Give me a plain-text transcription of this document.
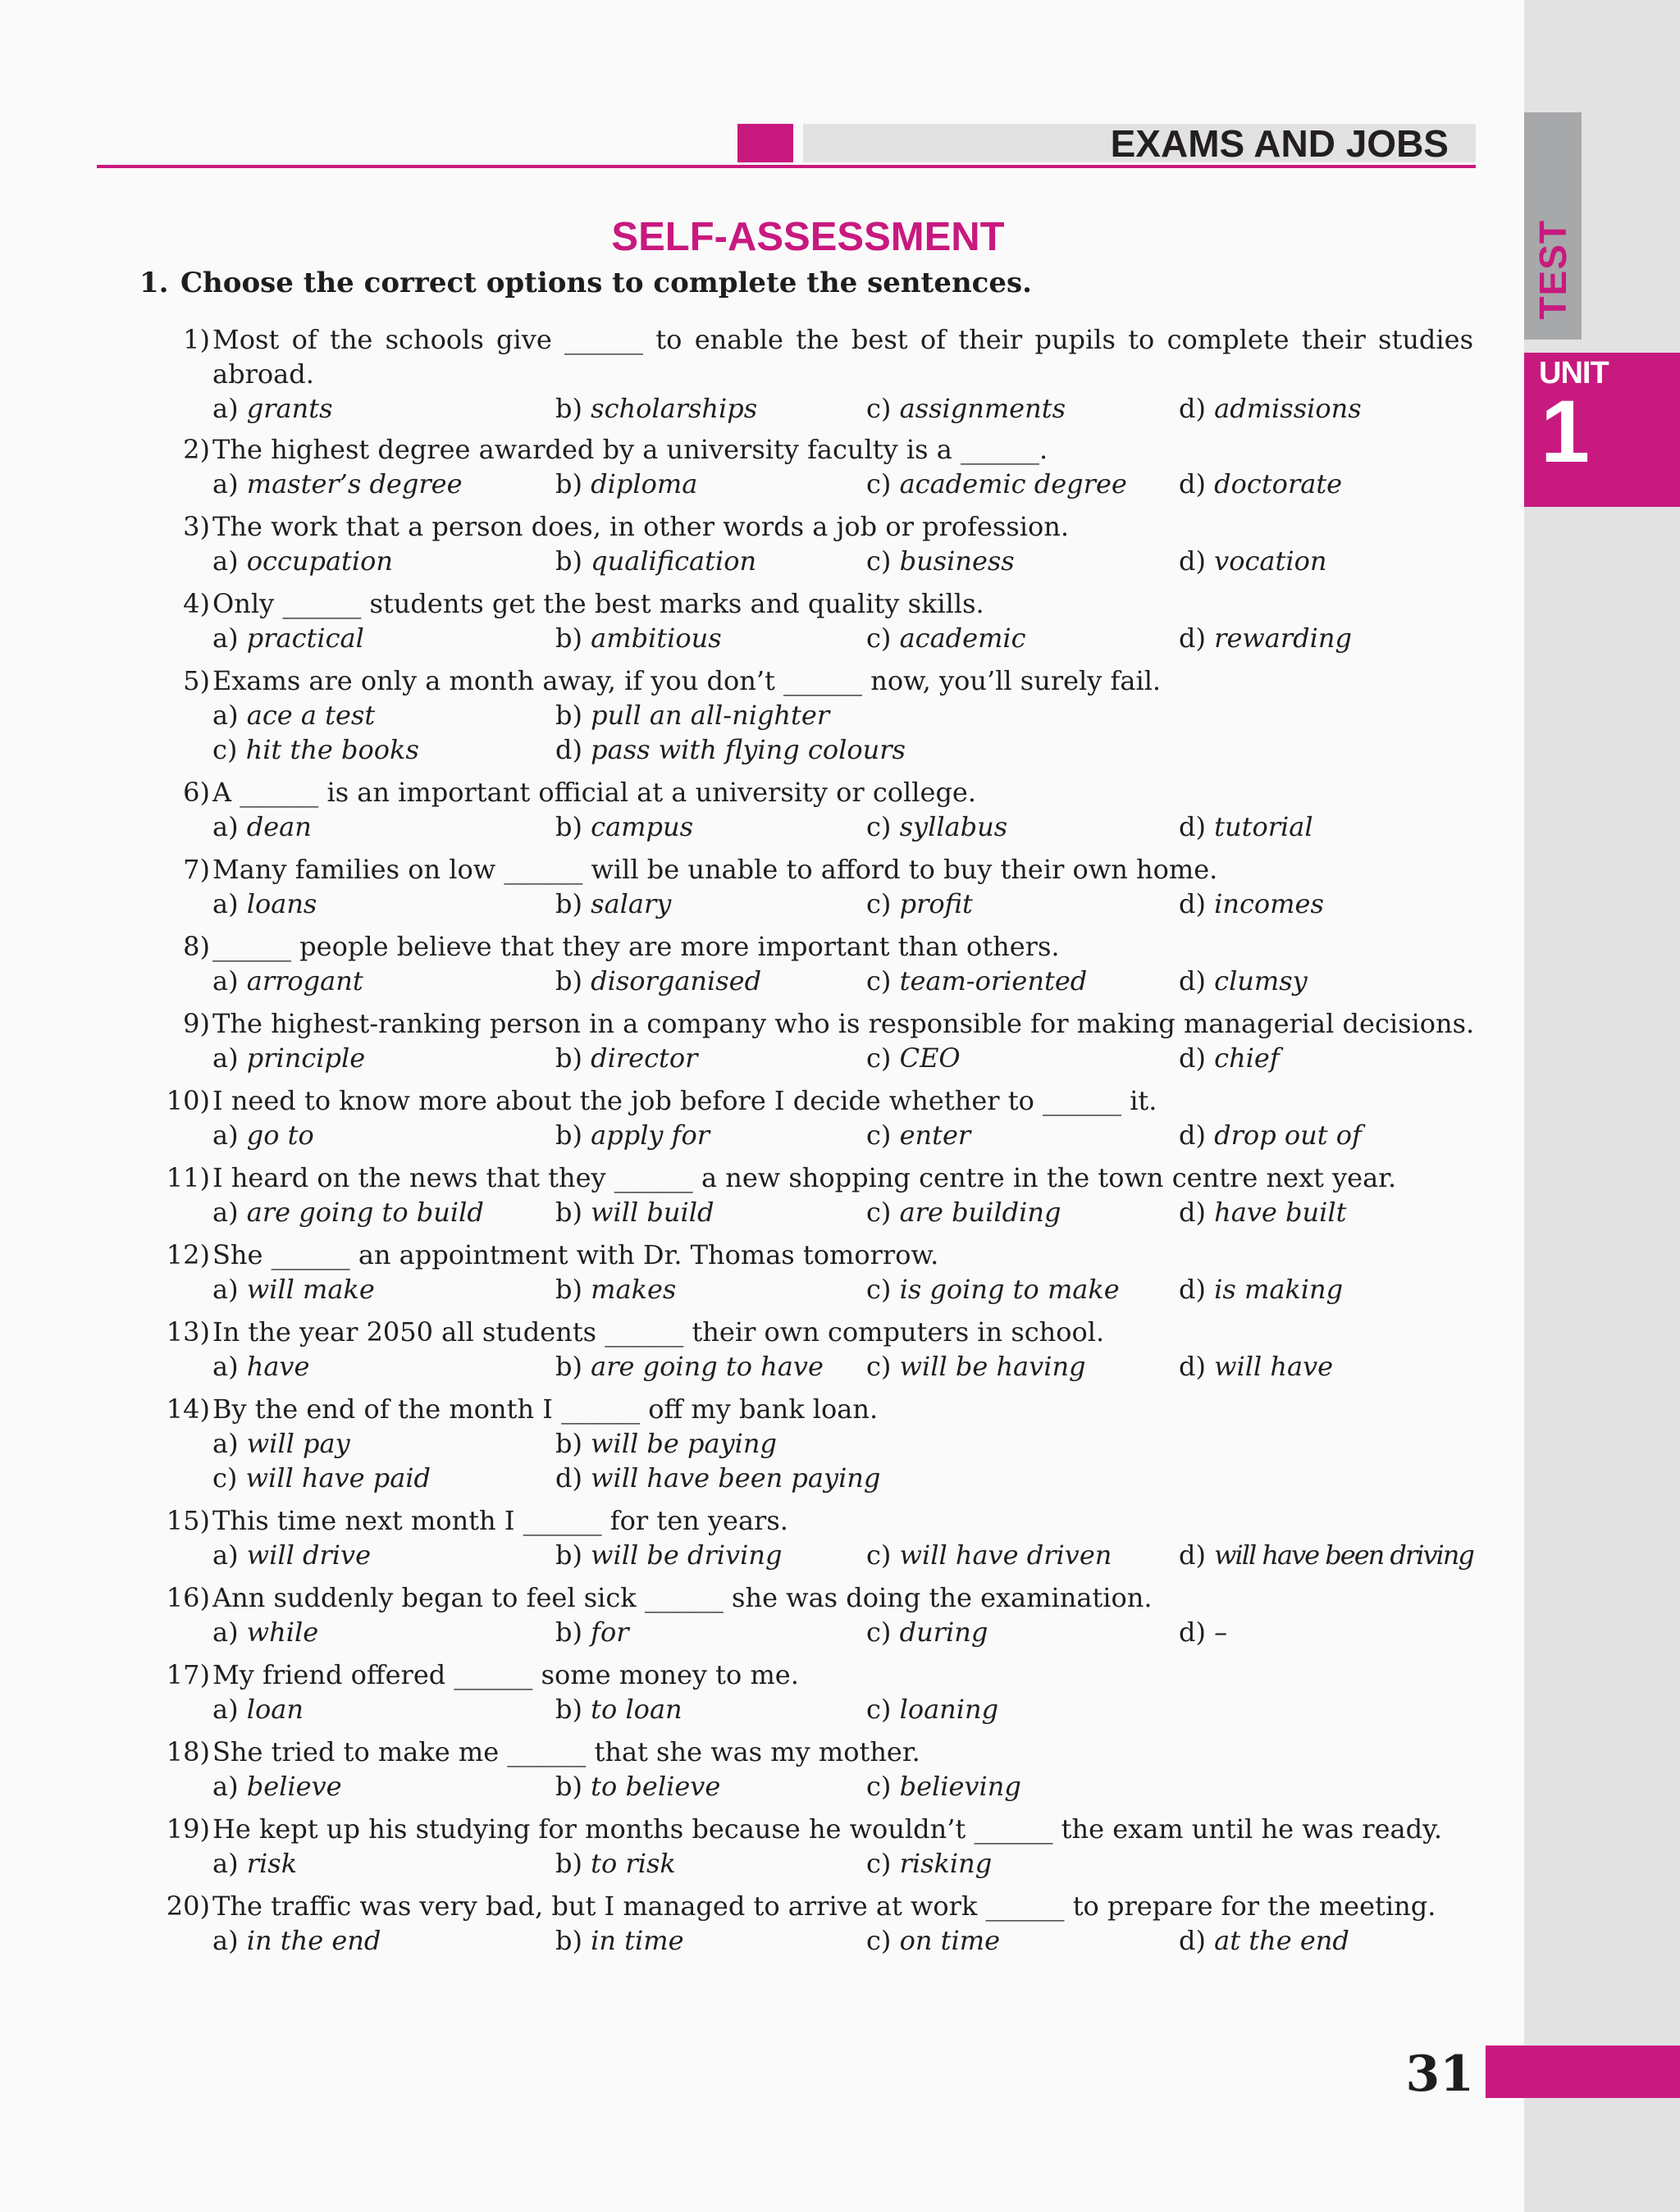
TEST
UNIT
1
EXAMS AND JOBS
SELF-ASSESSMENT
1. Choose the correct options to complete the sentences.
1) Most of the schools give ______ to enable the best of their pupils to complete their studies
abroad.
a) grants	b) scholarships	c) assignments	d) admissions
2) The highest degree awarded by a university faculty is a ______.
a) master’s degree	b) diploma	c) academic degree d) doctorate
3) The work that a person does, in other words a job or profession.
a) occupation	b) qualification	c) business	d) vocation
4) Only ______ students get the best marks and quality skills.
a) practical	b) ambitious	c) academic	d) rewarding
5) Exams are only a month away, if you don’t ______ now, you’ll surely fail.
a) ace a test	b) pull an all-nighter
c) hit the books	d) pass with flying colours
6) A ______ is an important official at a university or college.
a) dean	b) campus	c) syllabus	d) tutorial
7) Many families on low ______ will be unable to afford to buy their own home.
a) loans	b) salary	c) profit	d) incomes
8) ______ people believe that they are more important than others.
a) arrogant	b) disorganised	c) team-oriented	d) clumsy
9) The highest-ranking person in a company who is responsible for making managerial decisions.
a) principle	b) director	c) CEO	d) chief
10) I need to know more about the job before I decide whether to ______ it.
a) go to	b) apply for	c) enter	d) drop out of
11) I heard on the news that they ______ a new shopping centre in the town centre next year.
a) are going to build	b) will build	c) are building	d) have built
12) She ______ an appointment with Dr. Thomas tomorrow.
a) will make	b) makes	c) is going to make d) is making
13) In the year 2050 all students ______ their own computers in school.
a) have	b) are going to have c) will be having	d) will have
14) By the end of the month I ______ off my bank loan.
a) will pay	b) will be paying
c) will have paid	d) will have been paying
15) This time next month I ______ for ten years.
a) will drive	b) will be driving	c) will have driven	d) will have been driving
16) Ann suddenly began to feel sick ______ she was doing the examination.
a) while	b) for	c) during	d) –
17) My friend offered ______ some money to me.
a) loan	b) to loan	c) loaning
18) She tried to make me ______ that she was my mother.
a) believe	b) to believe	c) believing
19) He kept up his studying for months because he wouldn’t ______ the exam until he was ready.
a) risk	b) to risk	c) risking
20) The traffic was very bad, but I managed to arrive at work ______ to prepare for the meeting.
a) in the end	b) in time	c) on time	d) at the end
31
